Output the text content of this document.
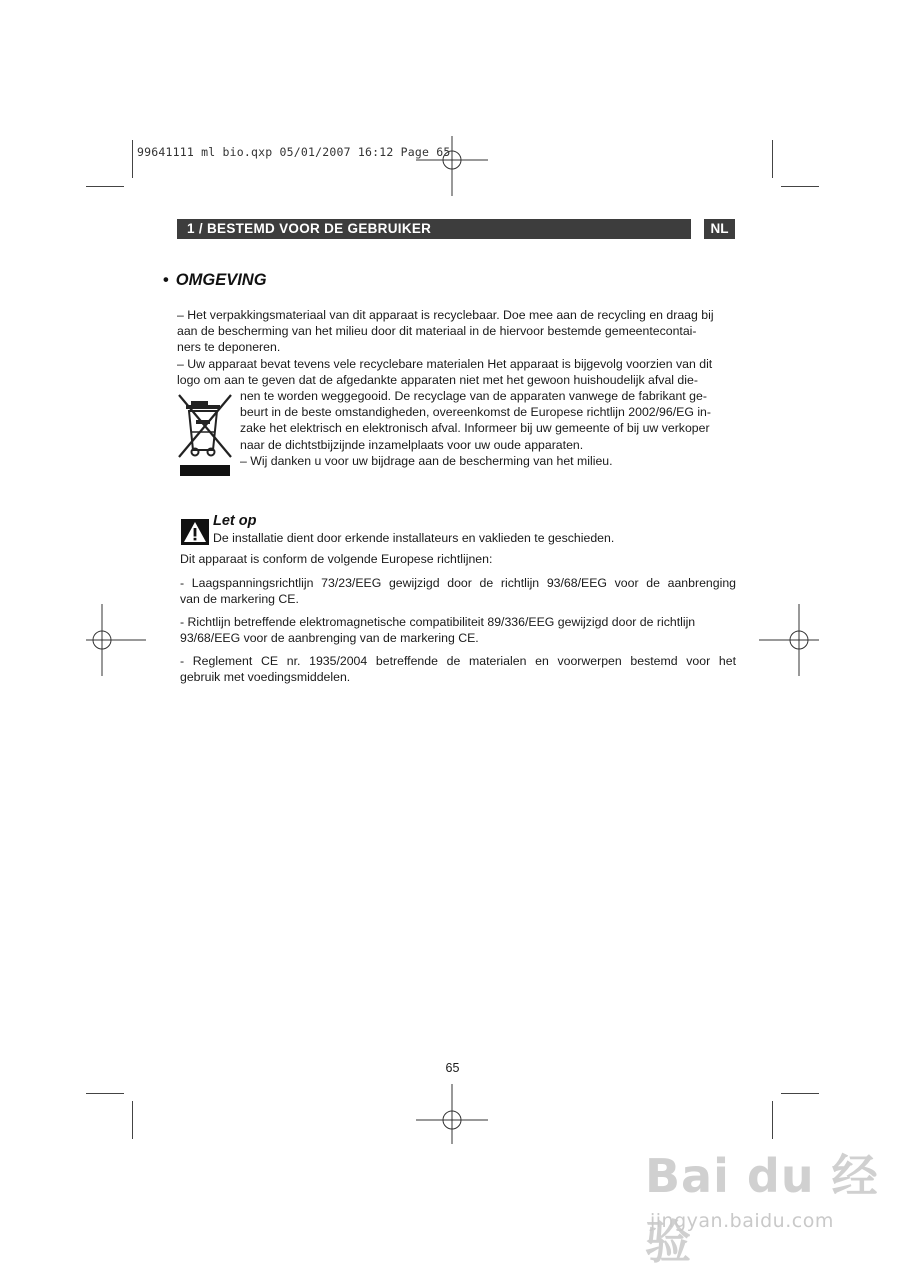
99641111 ml bio.qxp 05/01/2007 16:12 Page 65
1 / BESTEMD VOOR DE GEBRUIKER	NL
• OMGEVING
– Het verpakkingsmateriaal van dit apparaat is recyclebaar. Doe mee aan de recycling en draag bij
aan de bescherming van het milieu door dit materiaal in de hiervoor bestemde gemeentecontai-
ners te deponeren.
– Uw apparaat bevat tevens vele recyclebare materialen Het apparaat is bijgevolg voorzien van dit
logo om aan te geven dat de afgedankte apparaten niet met het gewoon huishoudelijk afval die-
nen te worden weggegooid. De recyclage van de apparaten vanwege de fabrikant ge-
beurt in de beste omstandigheden, overeenkomst de Europese richtlijn 2002/96/EG in-
zake het elektrisch en elektronisch afval. Informeer bij uw gemeente of bij uw verkoper
naar de dichtstbijzijnde inzamelplaats voor uw oude apparaten.
– Wij danken u voor uw bijdrage aan de bescherming van het milieu.
Let op
De installatie dient door erkende installateurs en vaklieden te geschieden.
Dit apparaat is conform de volgende Europese richtlijnen:
- Laagspanningsrichtlijn 73/23/EEG gewijzigd door de richtlijn 93/68/EEG voor de aanbrenging
van de markering CE.
- Richtlijn betreffende elektromagnetische compatibiliteit 89/336/EEG gewijzigd door de richtlijn
93/68/EEG voor de aanbrenging van de markering CE.
- Reglement CE nr. 1935/2004 betreffende de materialen en voorwerpen bestemd voor het
gebruik met voedingsmiddelen.
65
Bai du 经验
jingyan.baidu.com
